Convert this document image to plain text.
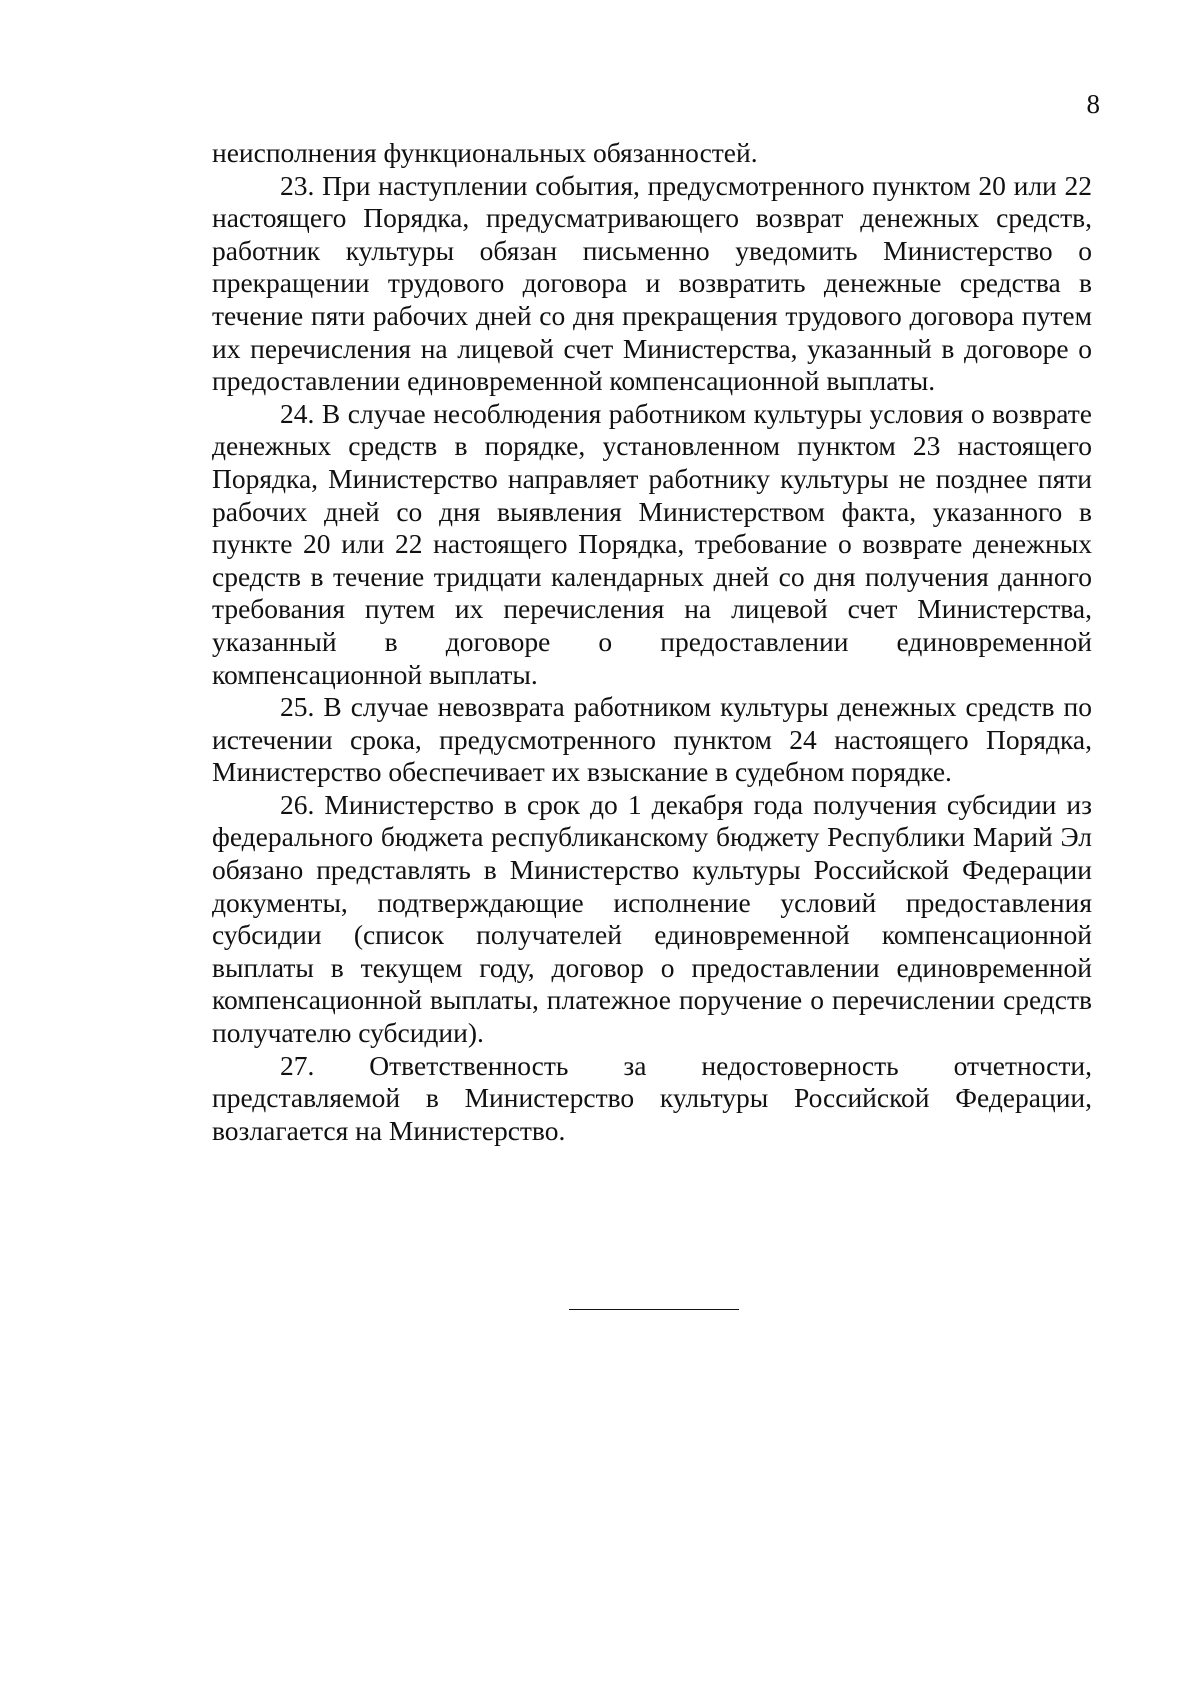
8

неисполнения функциональных обязанностей.

23. При наступлении события, предусмотренного пунктом 20 или 22 настоящего Порядка, предусматривающего возврат денежных средств, работник культуры обязан письменно уведомить Министерство о прекращении трудового договора и возвратить денежные средства в течение пяти рабочих дней со дня прекращения трудового договора путем их перечисления на лицевой счет Министерства, указанный в договоре о предоставлении единовременной компенсационной выплаты.

24. В случае несоблюдения работником культуры условия о возврате денежных средств в порядке, установленном пунктом 23 настоящего Порядка, Министерство направляет работнику культуры не позднее пяти рабочих дней со дня выявления Министерством факта, указанного в пункте 20 или 22 настоящего Порядка, требование о возврате денежных средств в течение тридцати календарных дней со дня получения данного требования путем их перечисления на лицевой счет Министерства, указанный в договоре о предоставлении единовременной компенсационной выплаты.

25. В случае невозврата работником культуры денежных средств по истечении срока, предусмотренного пунктом 24 настоящего Порядка, Министерство обеспечивает их взыскание в судебном порядке.

26. Министерство в срок до 1 декабря года получения субсидии из федерального бюджета республиканскому бюджету Республики Марий Эл обязано представлять в Министерство культуры Российской Федерации документы, подтверждающие исполнение условий предоставления субсидии (список получателей единовременной компенсационной выплаты в текущем году, договор о предоставлении единовременной компенсационной выплаты, платежное поручение о перечислении средств получателю субсидии).

27. Ответственность за недостоверность отчетности, представляемой в Министерство культуры Российской Федерации, возлагается на Министерство.
